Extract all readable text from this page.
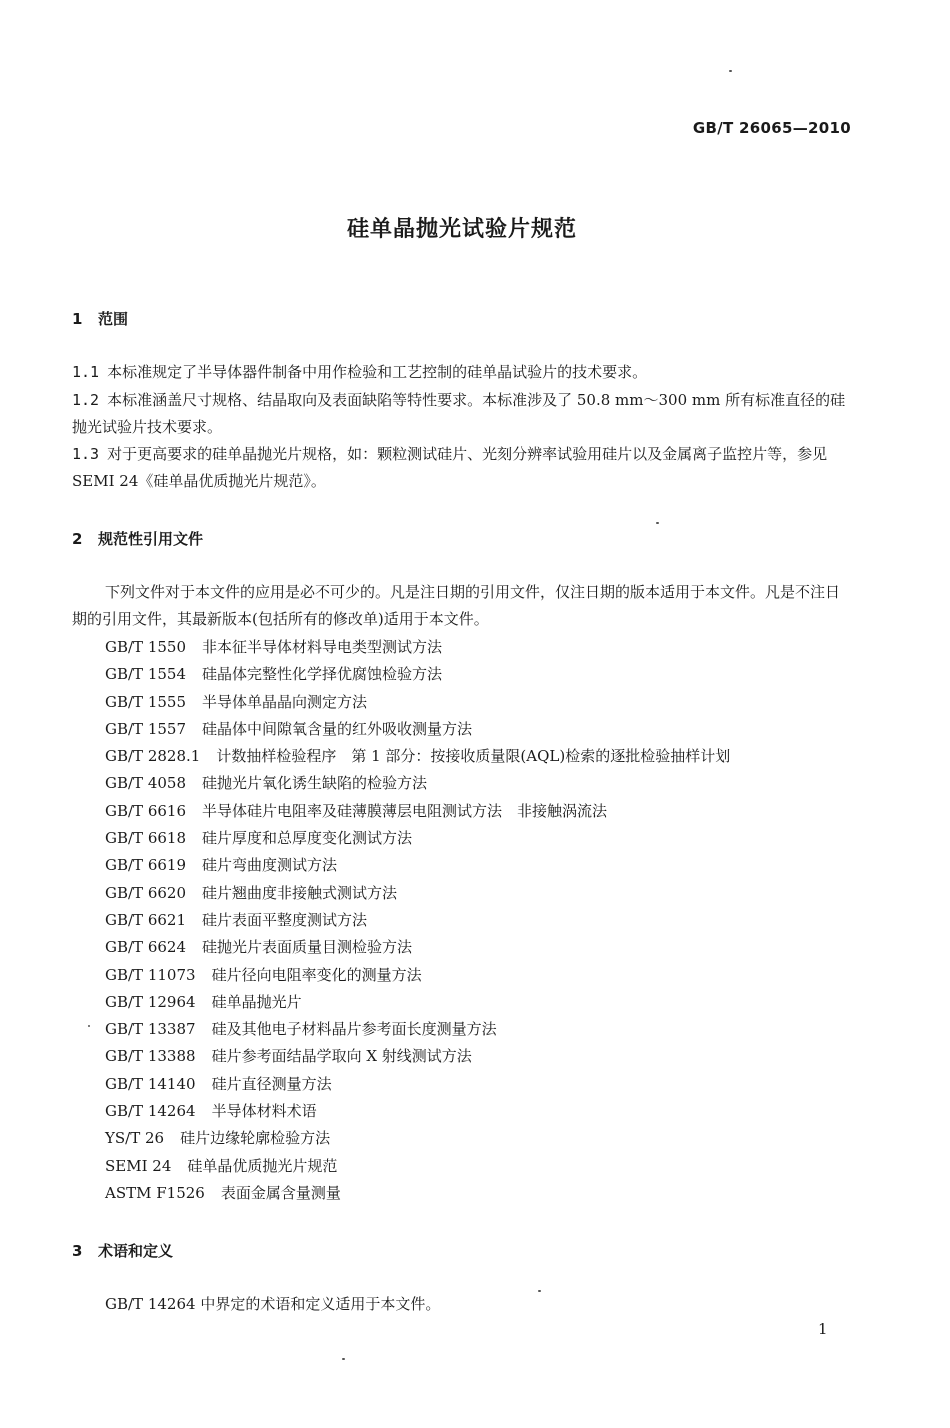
GB/T 26065—2010
硅单晶抛光试验片规范
1 范围
1.1 本标准规定了半导体器件制备中用作检验和工艺控制的硅单晶试验片的技术要求。
1.2 本标准涵盖尺寸规格、结晶取向及表面缺陷等特性要求。本标准涉及了 50.8 mm～300 mm 所有标准直径的硅抛光试验片技术要求。
1.3 对于更高要求的硅单晶抛光片规格，如：颗粒测试硅片、光刻分辨率试验用硅片以及金属离子监控片等，参见 SEMI 24《硅单晶优质抛光片规范》。
2 规范性引用文件
下列文件对于本文件的应用是必不可少的。凡是注日期的引用文件，仅注日期的版本适用于本文件。凡是不注日期的引用文件，其最新版本(包括所有的修改单)适用于本文件。
GB/T 1550 非本征半导体材料导电类型测试方法
GB/T 1554 硅晶体完整性化学择优腐蚀检验方法
GB/T 1555 半导体单晶晶向测定方法
GB/T 1557 硅晶体中间隙氧含量的红外吸收测量方法
GB/T 2828.1 计数抽样检验程序　第 1 部分：按接收质量限(AQL)检索的逐批检验抽样计划
GB/T 4058 硅抛光片氧化诱生缺陷的检验方法
GB/T 6616 半导体硅片电阻率及硅薄膜薄层电阻测试方法　非接触涡流法
GB/T 6618 硅片厚度和总厚度变化测试方法
GB/T 6619 硅片弯曲度测试方法
GB/T 6620 硅片翘曲度非接触式测试方法
GB/T 6621 硅片表面平整度测试方法
GB/T 6624 硅抛光片表面质量目测检验方法
GB/T 11073 硅片径向电阻率变化的测量方法
GB/T 12964 硅单晶抛光片
GB/T 13387 硅及其他电子材料晶片参考面长度测量方法
GB/T 13388 硅片参考面结晶学取向 X 射线测试方法
GB/T 14140 硅片直径测量方法
GB/T 14264 半导体材料术语
YS/T 26 硅片边缘轮廓检验方法
SEMI 24 硅单晶优质抛光片规范
ASTM F1526 表面金属含量测量
3 术语和定义
GB/T 14264 中界定的术语和定义适用于本文件。
1
